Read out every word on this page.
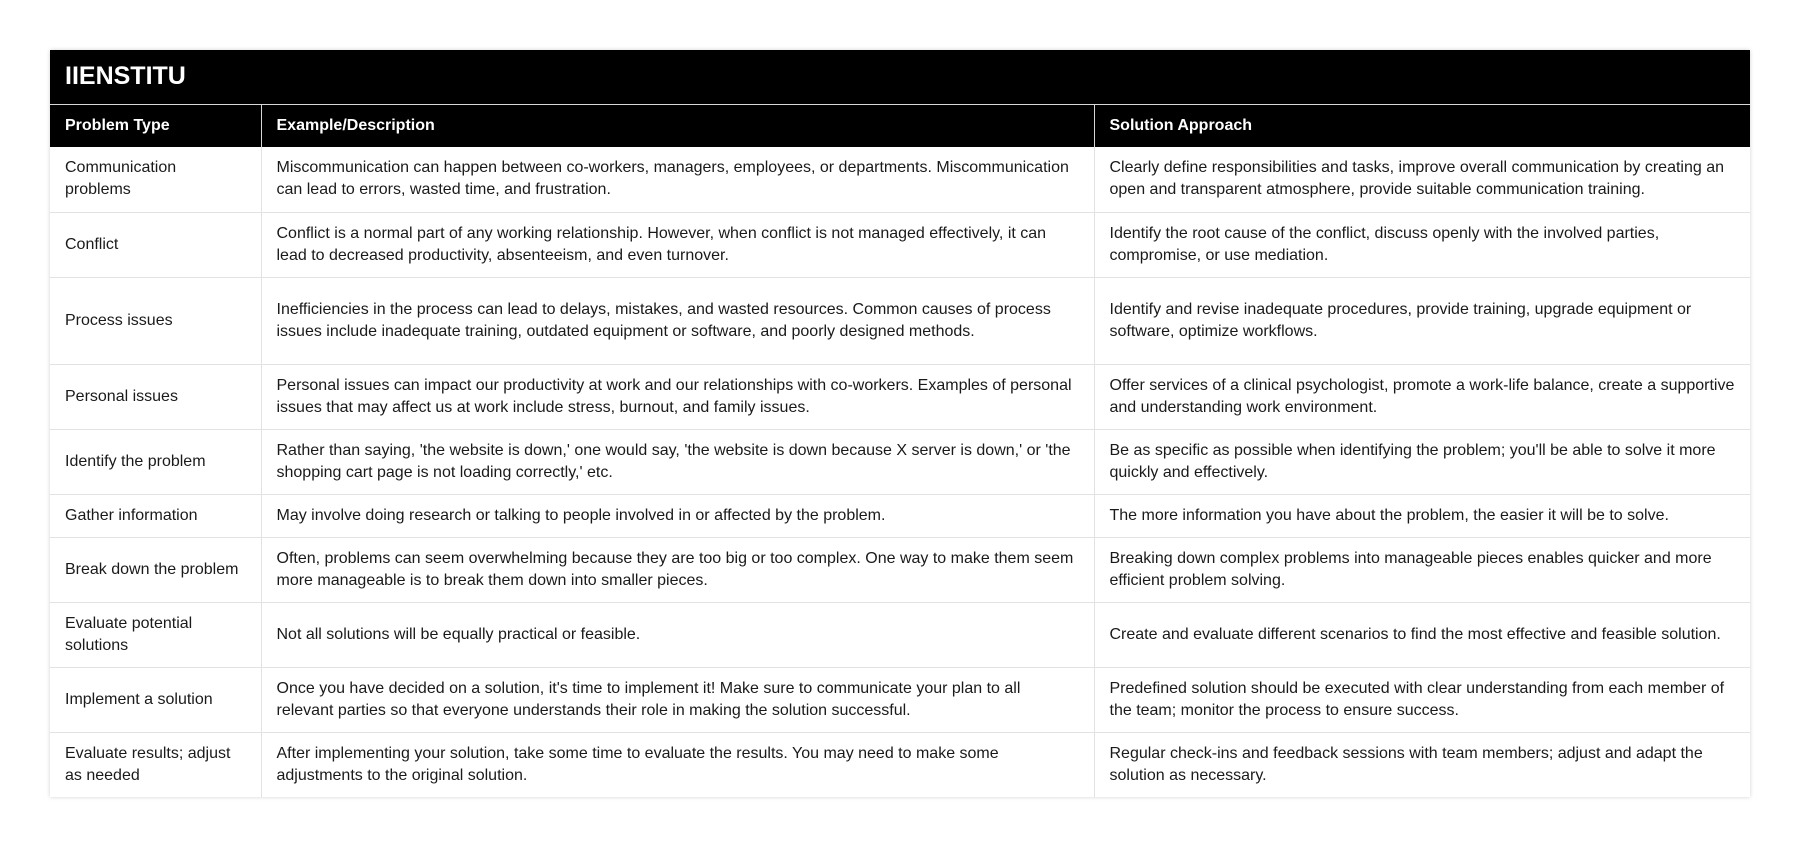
IIENSTITU		
Problem Type	Example/Description	Solution Approach
Communication problems	Miscommunication can happen between co-workers, managers, employees, or departments. Miscommunication can lead to errors, wasted time, and frustration.	Clearly define responsibilities and tasks, improve overall communication by creating an open and transparent atmosphere, provide suitable communication training.
Conflict	Conflict is a normal part of any working relationship. However, when conflict is not managed effectively, it can lead to decreased productivity, absenteeism, and even turnover.	Identify the root cause of the conflict, discuss openly with the involved parties, compromise, or use mediation.
Process issues	Inefficiencies in the process can lead to delays, mistakes, and wasted resources. Common causes of process issues include inadequate training, outdated equipment or software, and poorly designed methods.	Identify and revise inadequate procedures, provide training, upgrade equipment or software, optimize workflows.
Personal issues	Personal issues can impact our productivity at work and our relationships with co-workers. Examples of personal issues that may affect us at work include stress, burnout, and family issues.	Offer services of a clinical psychologist, promote a work-life balance, create a supportive and understanding work environment.
Identify the problem	Rather than saying, 'the website is down,' one would say, 'the website is down because X server is down,' or 'the shopping cart page is not loading correctly,' etc.	Be as specific as possible when identifying the problem; you'll be able to solve it more quickly and effectively.
Gather information	May involve doing research or talking to people involved in or affected by the problem.	The more information you have about the problem, the easier it will be to solve.
Break down the problem	Often, problems can seem overwhelming because they are too big or too complex. One way to make them seem more manageable is to break them down into smaller pieces.	Breaking down complex problems into manageable pieces enables quicker and more efficient problem solving.
Evaluate potential solutions	Not all solutions will be equally practical or feasible.	Create and evaluate different scenarios to find the most effective and feasible solution.
Implement a solution	Once you have decided on a solution, it's time to implement it! Make sure to communicate your plan to all relevant parties so that everyone understands their role in making the solution successful.	Predefined solution should be executed with clear understanding from each member of the team; monitor the process to ensure success.
Evaluate results; adjust as needed	After implementing your solution, take some time to evaluate the results. You may need to make some adjustments to the original solution.	Regular check-ins and feedback sessions with team members; adjust and adapt the solution as necessary.
